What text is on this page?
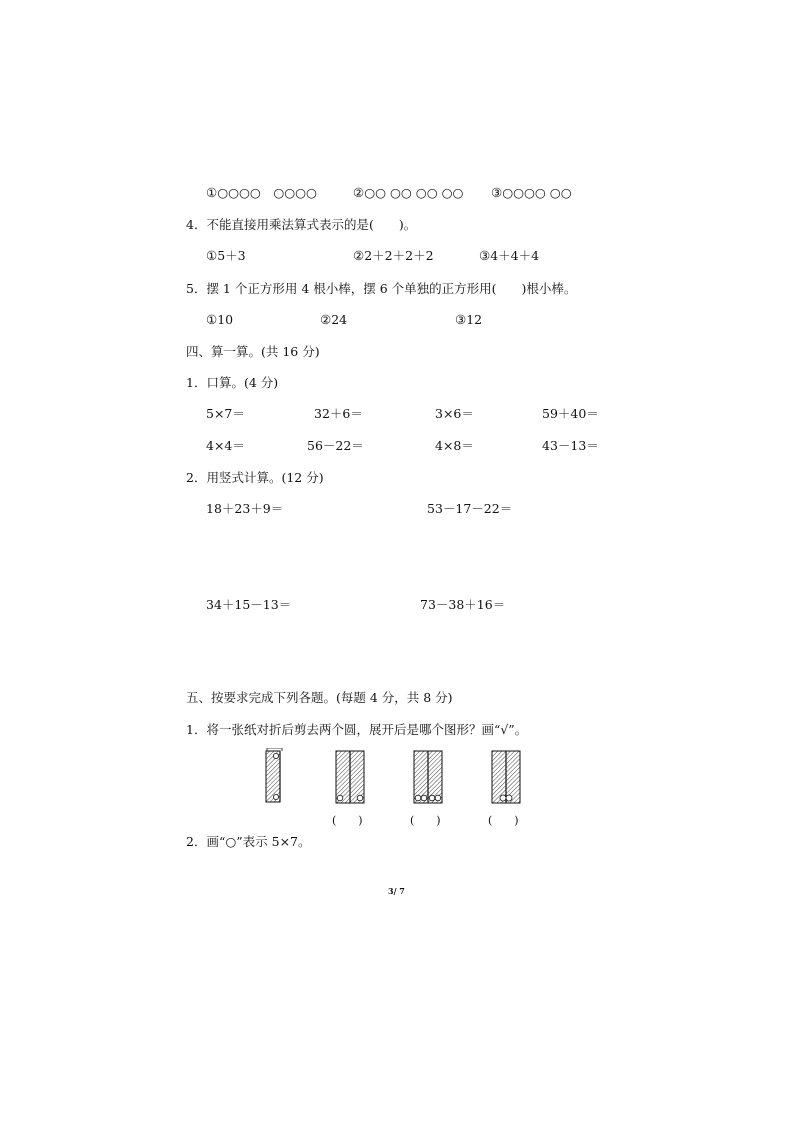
①○○○○　○○○○	②○○ ○○ ○○ ○○ ③○○○○ ○○
4．不能直接用乘法算式表示的是(　　)。
①5＋3	②2＋2＋2＋2	③4＋4＋4
5．摆 1 个正方形用 4 根小棒，摆 6 个单独的正方形用(　　)根小棒。
①10	②24	③12
四、算一算。(共 16 分)
1．口算。(4 分)
5×7＝	32＋6＝	3×6＝	59＋40＝
4×4＝	56－22＝	4×8＝	43－13＝
2．用竖式计算。(12 分)
18＋23＋9＝	53－17－22＝
34＋15－13＝	73－38＋16＝
五、按要求完成下列各题。(每题 4 分，共 8 分)
1．将一张纸对折后剪去两个圆，展开后是哪个图形？画“√”。
(　　)	(　　)	(　　)
2．画“○”表示 5×7。
3/ 7
